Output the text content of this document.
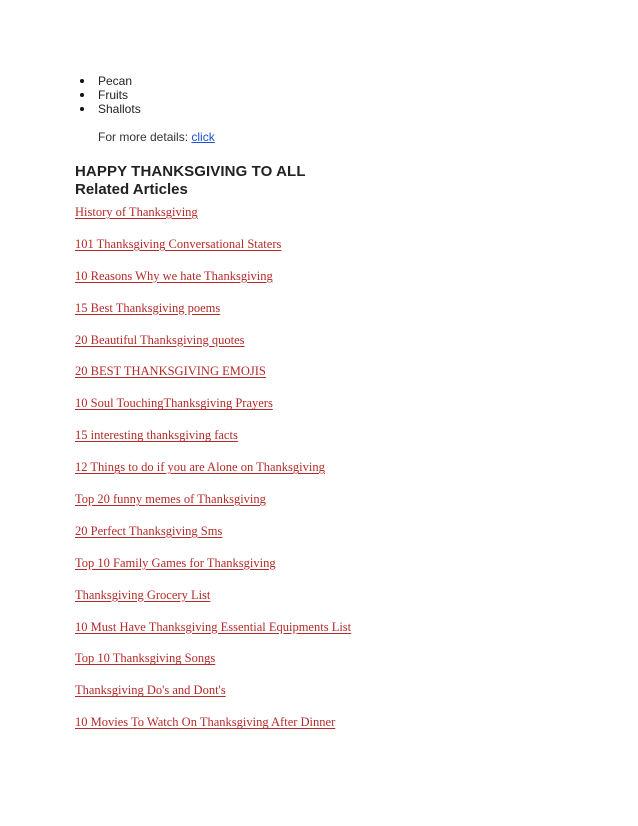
Pecan
Fruits
Shallots
For more details: click
HAPPY THANKSGIVING TO ALL
Related Articles
History of Thanksgiving
101 Thanksgiving Conversational Staters
10 Reasons Why we hate Thanksgiving
15 Best Thanksgiving poems
20 Beautiful Thanksgiving quotes
20 BEST THANKSGIVING EMOJIS
10 Soul TouchingThanksgiving Prayers
15 interesting thanksgiving facts
12 Things to do if you are Alone on Thanksgiving
Top 20 funny memes of Thanksgiving
20 Perfect Thanksgiving Sms
Top 10 Family Games for Thanksgiving
Thanksgiving Grocery List
10 Must Have Thanksgiving Essential Equipments List
Top 10 Thanksgiving Songs
Thanksgiving Do's and Dont's
10 Movies To Watch On Thanksgiving After Dinner
